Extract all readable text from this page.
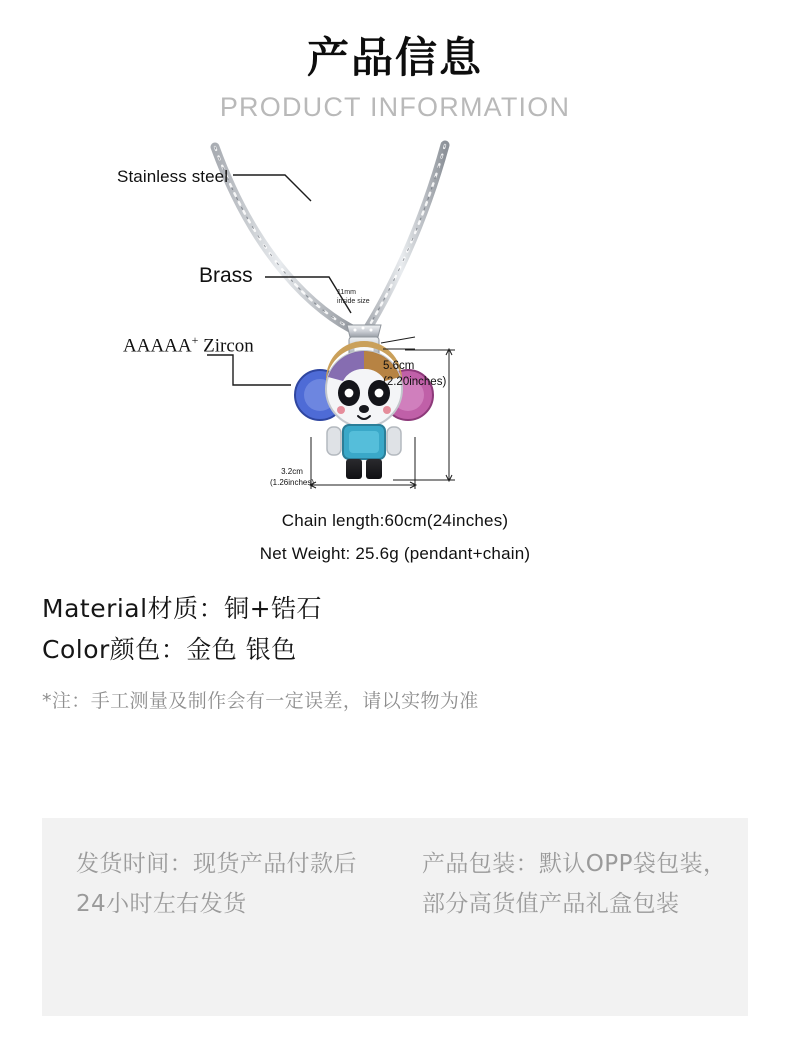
产品信息
PRODUCT INFORMATION
Stainless steel
Brass
AAAAA+ Zircon
11mm
inside size
5.6cm
(2.20inches)
3.2cm
(1.26inches)
Chain length:60cm(24inches)
Net Weight: 25.6g (pendant+chain)
Material材质：铜+锆石
Color颜色：金色 银色
*注：手工测量及制作会有一定误差，请以实物为准
发货时间：现货产品付款后24小时左右发货
产品包装：默认OPP袋包装，部分高货值产品礼盒包装
